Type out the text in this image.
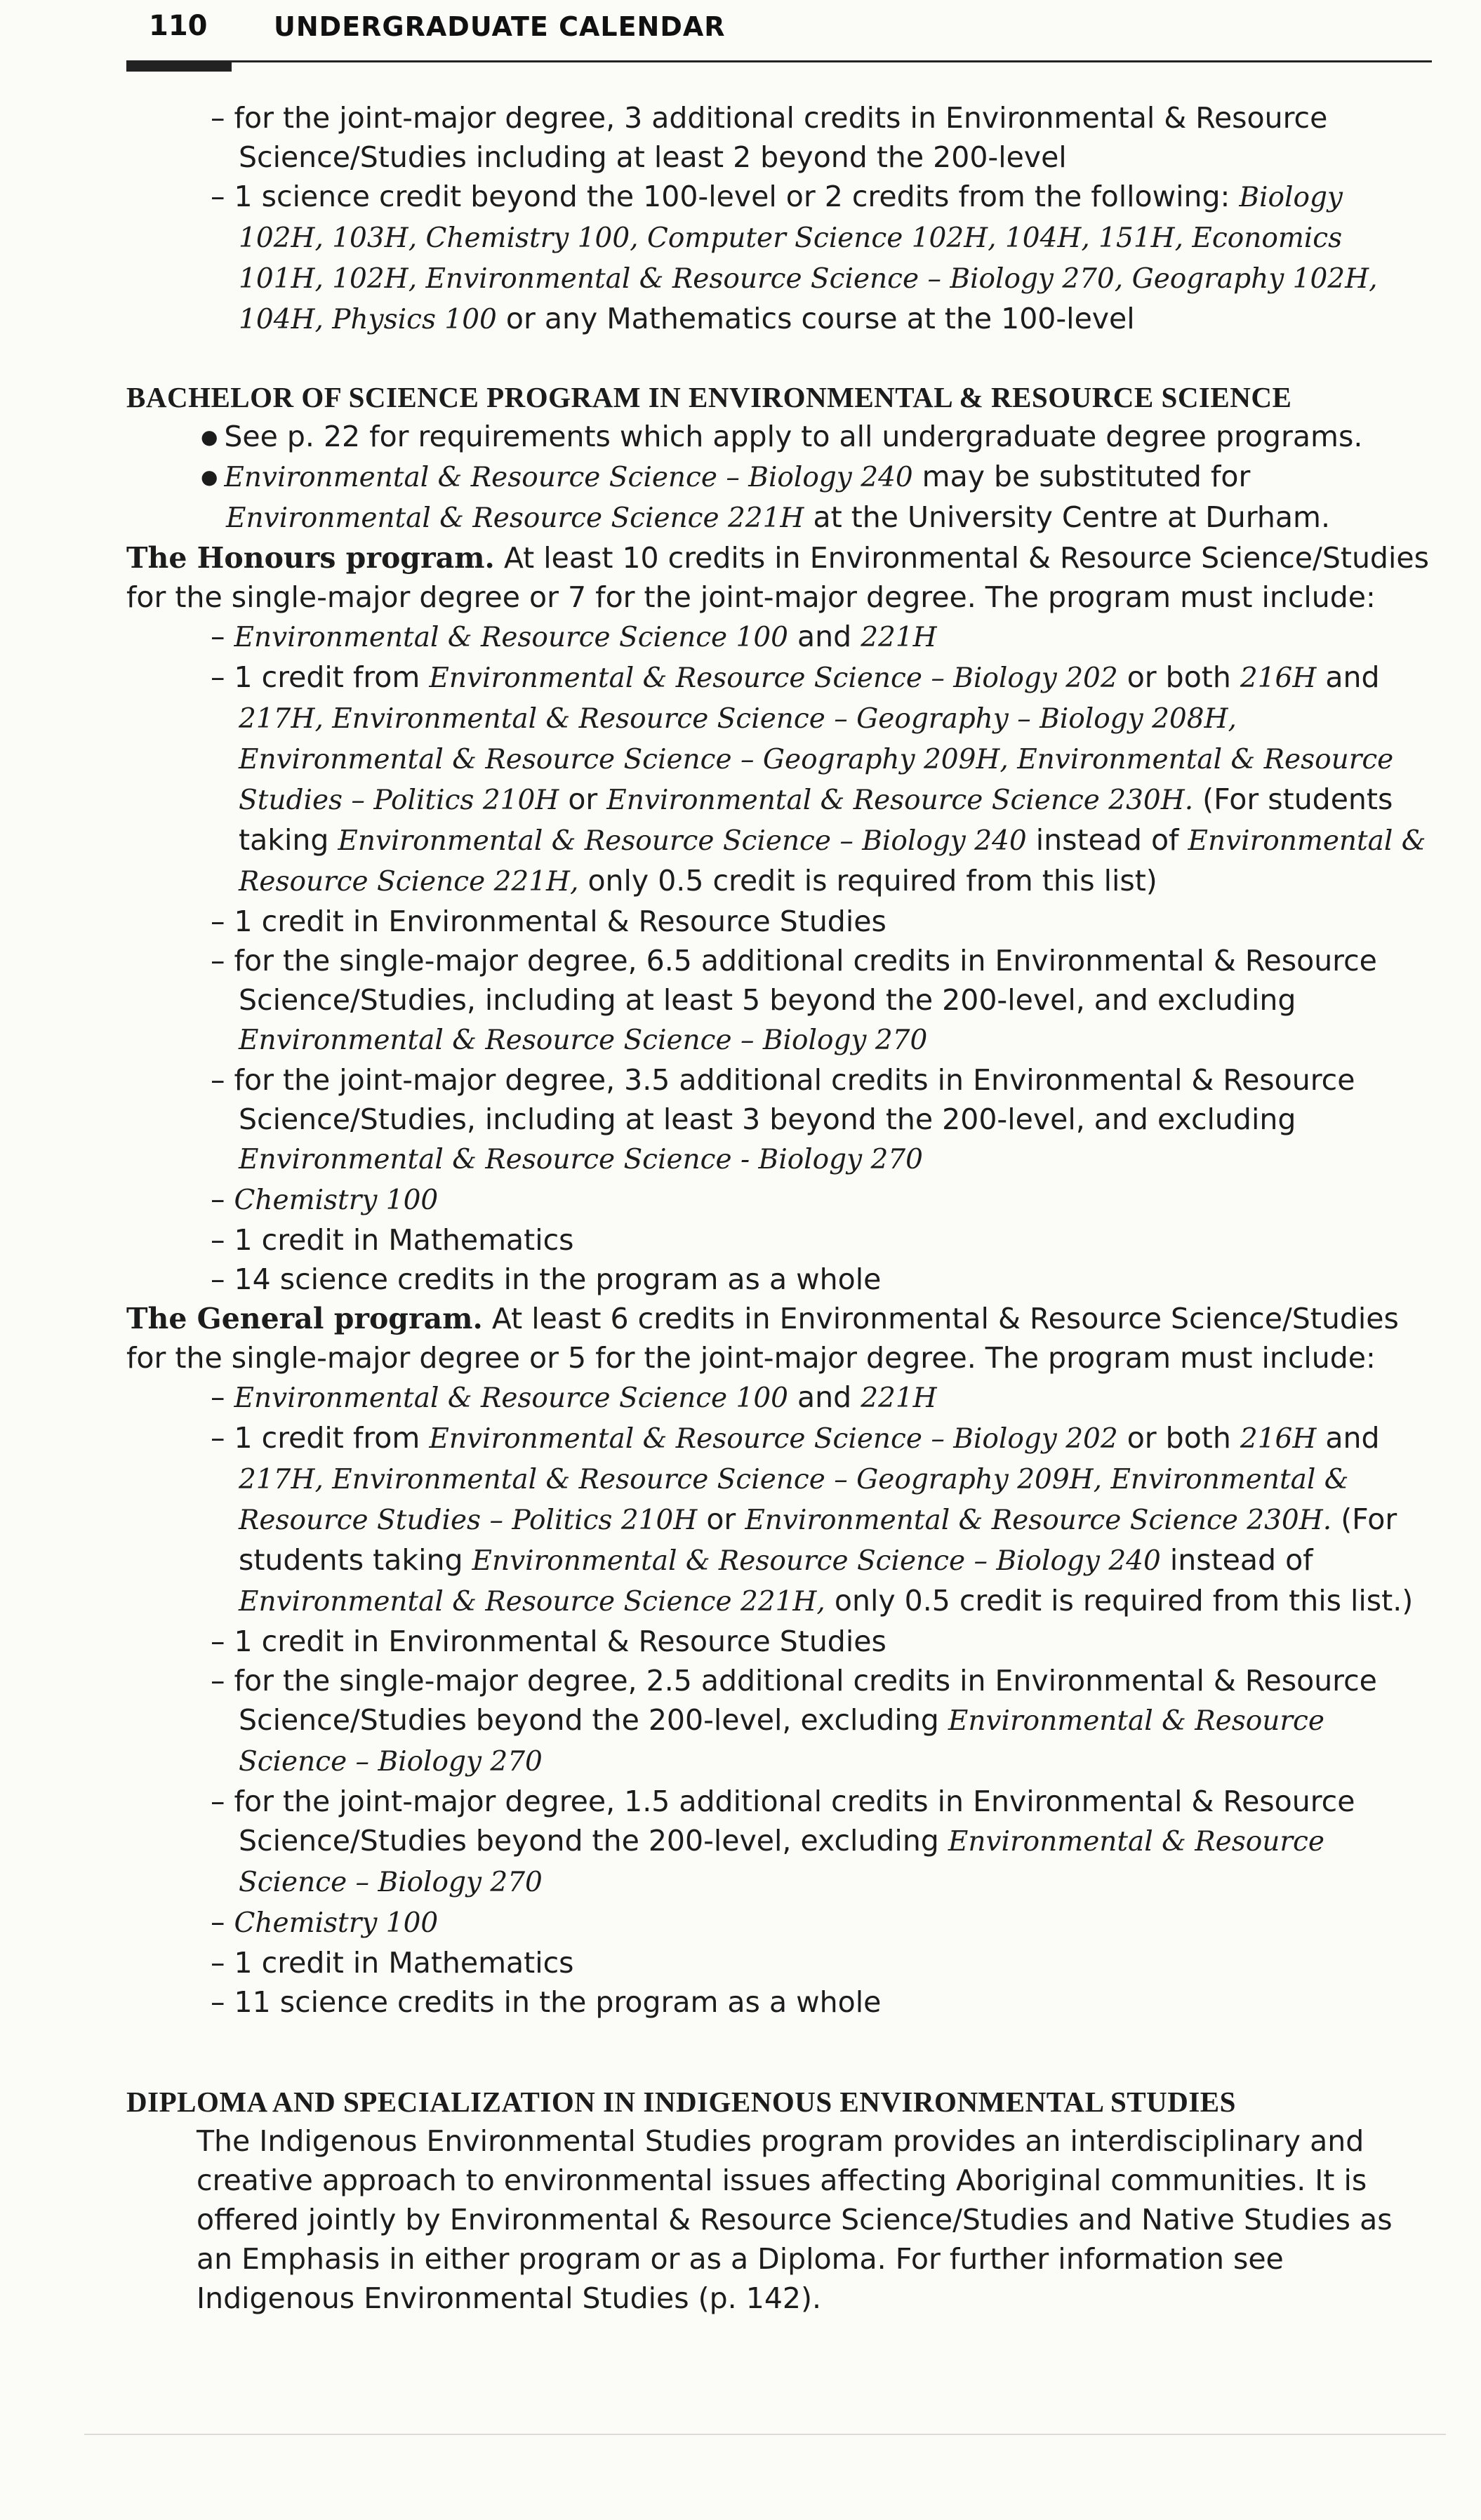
110 UNDERGRADUATE CALENDAR

– for the joint-major degree, 3 additional credits in Environmental & Resource Science/Studies including at least 2 beyond the 200-level

– 1 science credit beyond the 100-level or 2 credits from the following: Biology 102H, 103H, Chemistry 100, Computer Science 102H, 104H, 151H, Economics 101H, 102H, Environmental & Resource Science – Biology 270, Geography 102H, 104H, Physics 100 or any Mathematics course at the 100-level

BACHELOR OF SCIENCE PROGRAM IN ENVIRONMENTAL & RESOURCE SCIENCE

● See p. 22 for requirements which apply to all undergraduate degree programs.

● Environmental & Resource Science – Biology 240 may be substituted for Environmental & Resource Science 221H at the University Centre at Durham.

The Honours program. At least 10 credits in Environmental & Resource Science/Studies for the single-major degree or 7 for the joint-major degree. The program must include:

– Environmental & Resource Science 100 and 221H

– 1 credit from Environmental & Resource Science – Biology 202 or both 216H and 217H, Environmental & Resource Science – Geography – Biology 208H, Environmental & Resource Science – Geography 209H, Environmental & Resource Studies – Politics 210H or Environmental & Resource Science 230H. (For students taking Environmental & Resource Science – Biology 240 instead of Environmental & Resource Science 221H, only 0.5 credit is required from this list)

– 1 credit in Environmental & Resource Studies

– for the single-major degree, 6.5 additional credits in Environmental & Resource Science/Studies, including at least 5 beyond the 200-level, and excluding Environmental & Resource Science – Biology 270

– for the joint-major degree, 3.5 additional credits in Environmental & Resource Science/Studies, including at least 3 beyond the 200-level, and excluding Environmental & Resource Science - Biology 270

– Chemistry 100

– 1 credit in Mathematics

– 14 science credits in the program as a whole

The General program. At least 6 credits in Environmental & Resource Science/Studies for the single-major degree or 5 for the joint-major degree. The program must include:

– Environmental & Resource Science 100 and 221H

– 1 credit from Environmental & Resource Science – Biology 202 or both 216H and 217H, Environmental & Resource Science – Geography 209H, Environmental & Resource Studies – Politics 210H or Environmental & Resource Science 230H. (For students taking Environmental & Resource Science – Biology 240 instead of Environmental & Resource Science 221H, only 0.5 credit is required from this list.)

– 1 credit in Environmental & Resource Studies

– for the single-major degree, 2.5 additional credits in Environmental & Resource Science/Studies beyond the 200-level, excluding Environmental & Resource Science – Biology 270

– for the joint-major degree, 1.5 additional credits in Environmental & Resource Science/Studies beyond the 200-level, excluding Environmental & Resource Science – Biology 270

– Chemistry 100

– 1 credit in Mathematics

– 11 science credits in the program as a whole

DIPLOMA AND SPECIALIZATION IN INDIGENOUS ENVIRONMENTAL STUDIES

The Indigenous Environmental Studies program provides an interdisciplinary and creative approach to environmental issues affecting Aboriginal communities. It is offered jointly by Environmental & Resource Science/Studies and Native Studies as an Emphasis in either program or as a Diploma. For further information see Indigenous Environmental Studies (p. 142).
